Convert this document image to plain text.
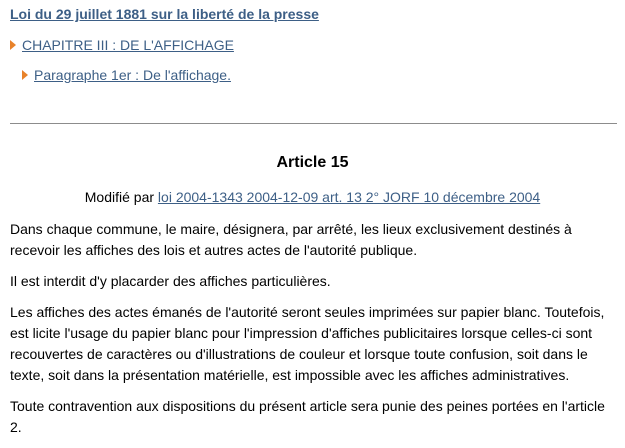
Loi du 29 juillet 1881 sur la liberté de la presse
CHAPITRE III : DE L'AFFICHAGE
Paragraphe 1er : De l'affichage.
Article 15
Modifié par loi 2004-1343 2004-12-09 art. 13 2° JORF 10 décembre 2004

Dans chaque commune, le maire, désignera, par arrêté, les lieux exclusivement destinés à recevoir les affiches des lois et autres actes de l'autorité publique.

Il est interdit d'y placarder des affiches particulières.

Les affiches des actes émanés de l'autorité seront seules imprimées sur papier blanc. Toutefois, est licite l'usage du papier blanc pour l'impression d'affiches publicitaires lorsque celles-ci sont recouvertes de caractères ou d'illustrations de couleur et lorsque toute confusion, soit dans le texte, soit dans la présentation matérielle, est impossible avec les affiches administratives.

Toute contravention aux dispositions du présent article sera punie des peines portées en l'article 2.
